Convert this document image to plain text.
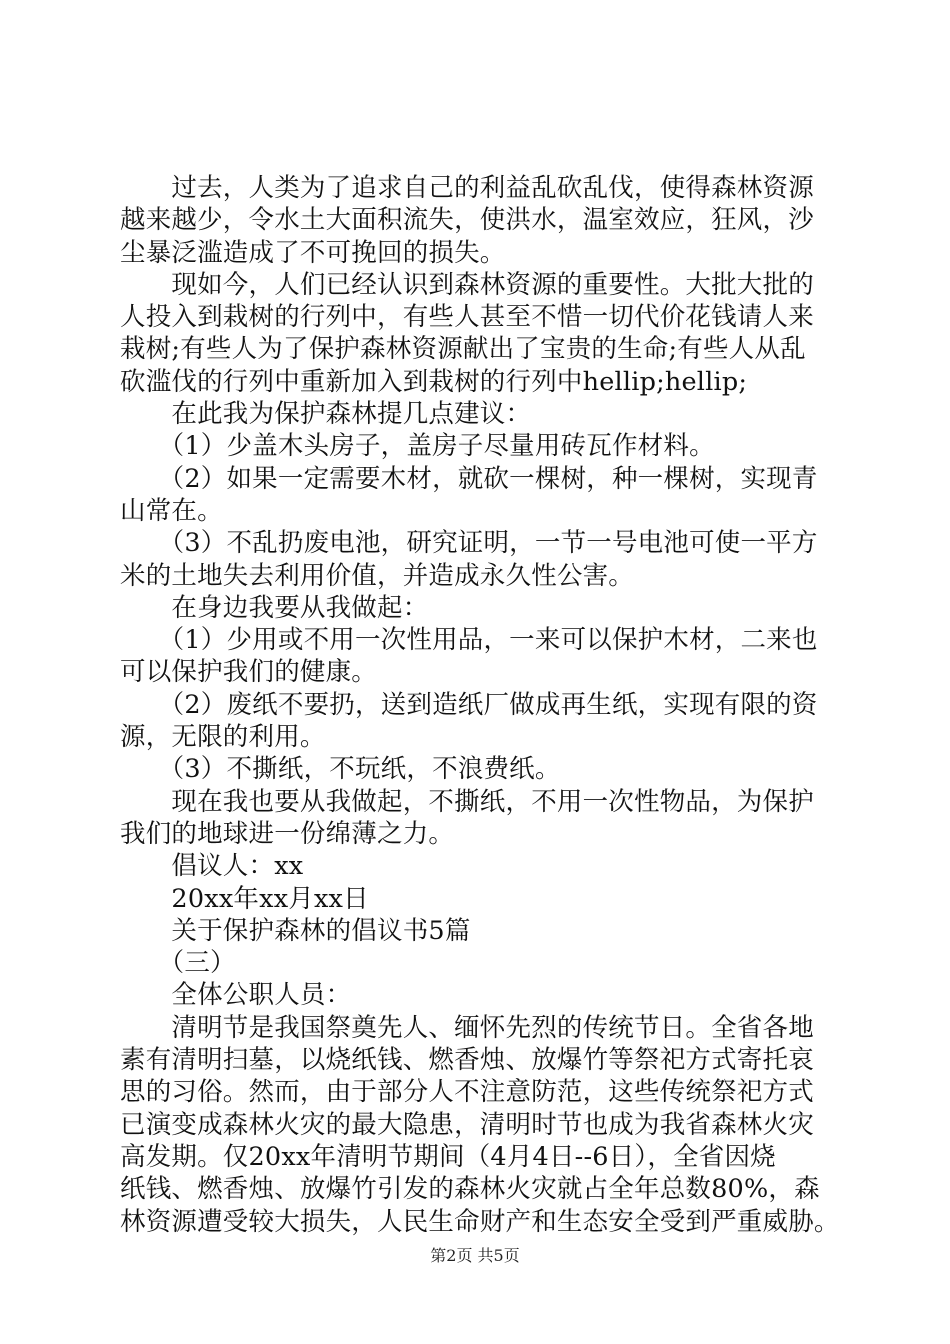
　　过去，人类为了追求自己的利益乱砍乱伐，使得森林资源
越来越少，令水土大面积流失，使洪水，温室效应，狂风，沙
尘暴泛滥造成了不可挽回的损失。
　　现如今，人们已经认识到森林资源的重要性。大批大批的
人投入到栽树的行列中，有些人甚至不惜一切代价花钱请人来
栽树;有些人为了保护森林资源献出了宝贵的生命;有些人从乱
砍滥伐的行列中重新加入到栽树的行列中hellip;hellip;
　　在此我为保护森林提几点建议：
　　（1）少盖木头房子，盖房子尽量用砖瓦作材料。
　　（2）如果一定需要木材，就砍一棵树，种一棵树，实现青
山常在。
　　（3）不乱扔废电池，研究证明，一节一号电池可使一平方
米的土地失去利用价值，并造成永久性公害。
　　在身边我要从我做起：
　　（1）少用或不用一次性用品，一来可以保护木材，二来也
可以保护我们的健康。
　　（2）废纸不要扔，送到造纸厂做成再生纸，实现有限的资
源，无限的利用。
　　（3）不撕纸，不玩纸，不浪费纸。
　　现在我也要从我做起，不撕纸，不用一次性物品，为保护
我们的地球进一份绵薄之力。
　　倡议人：xx
　　20xx年xx月xx日
　　关于保护森林的倡议书5篇
　　（三）
　　全体公职人员：
　　清明节是我国祭奠先人、缅怀先烈的传统节日。全省各地
素有清明扫墓，以烧纸钱、燃香烛、放爆竹等祭祀方式寄托哀
思的习俗。然而，由于部分人不注意防范，这些传统祭祀方式
已演变成森林火灾的最大隐患，清明时节也成为我省森林火灾
高发期。仅20xx年清明节期间（4月4日--6日），全省因烧
纸钱、燃香烛、放爆竹引发的森林火灾就占全年总数80%，森
林资源遭受较大损失，人民生命财产和生态安全受到严重威胁。
第2页 共5页
